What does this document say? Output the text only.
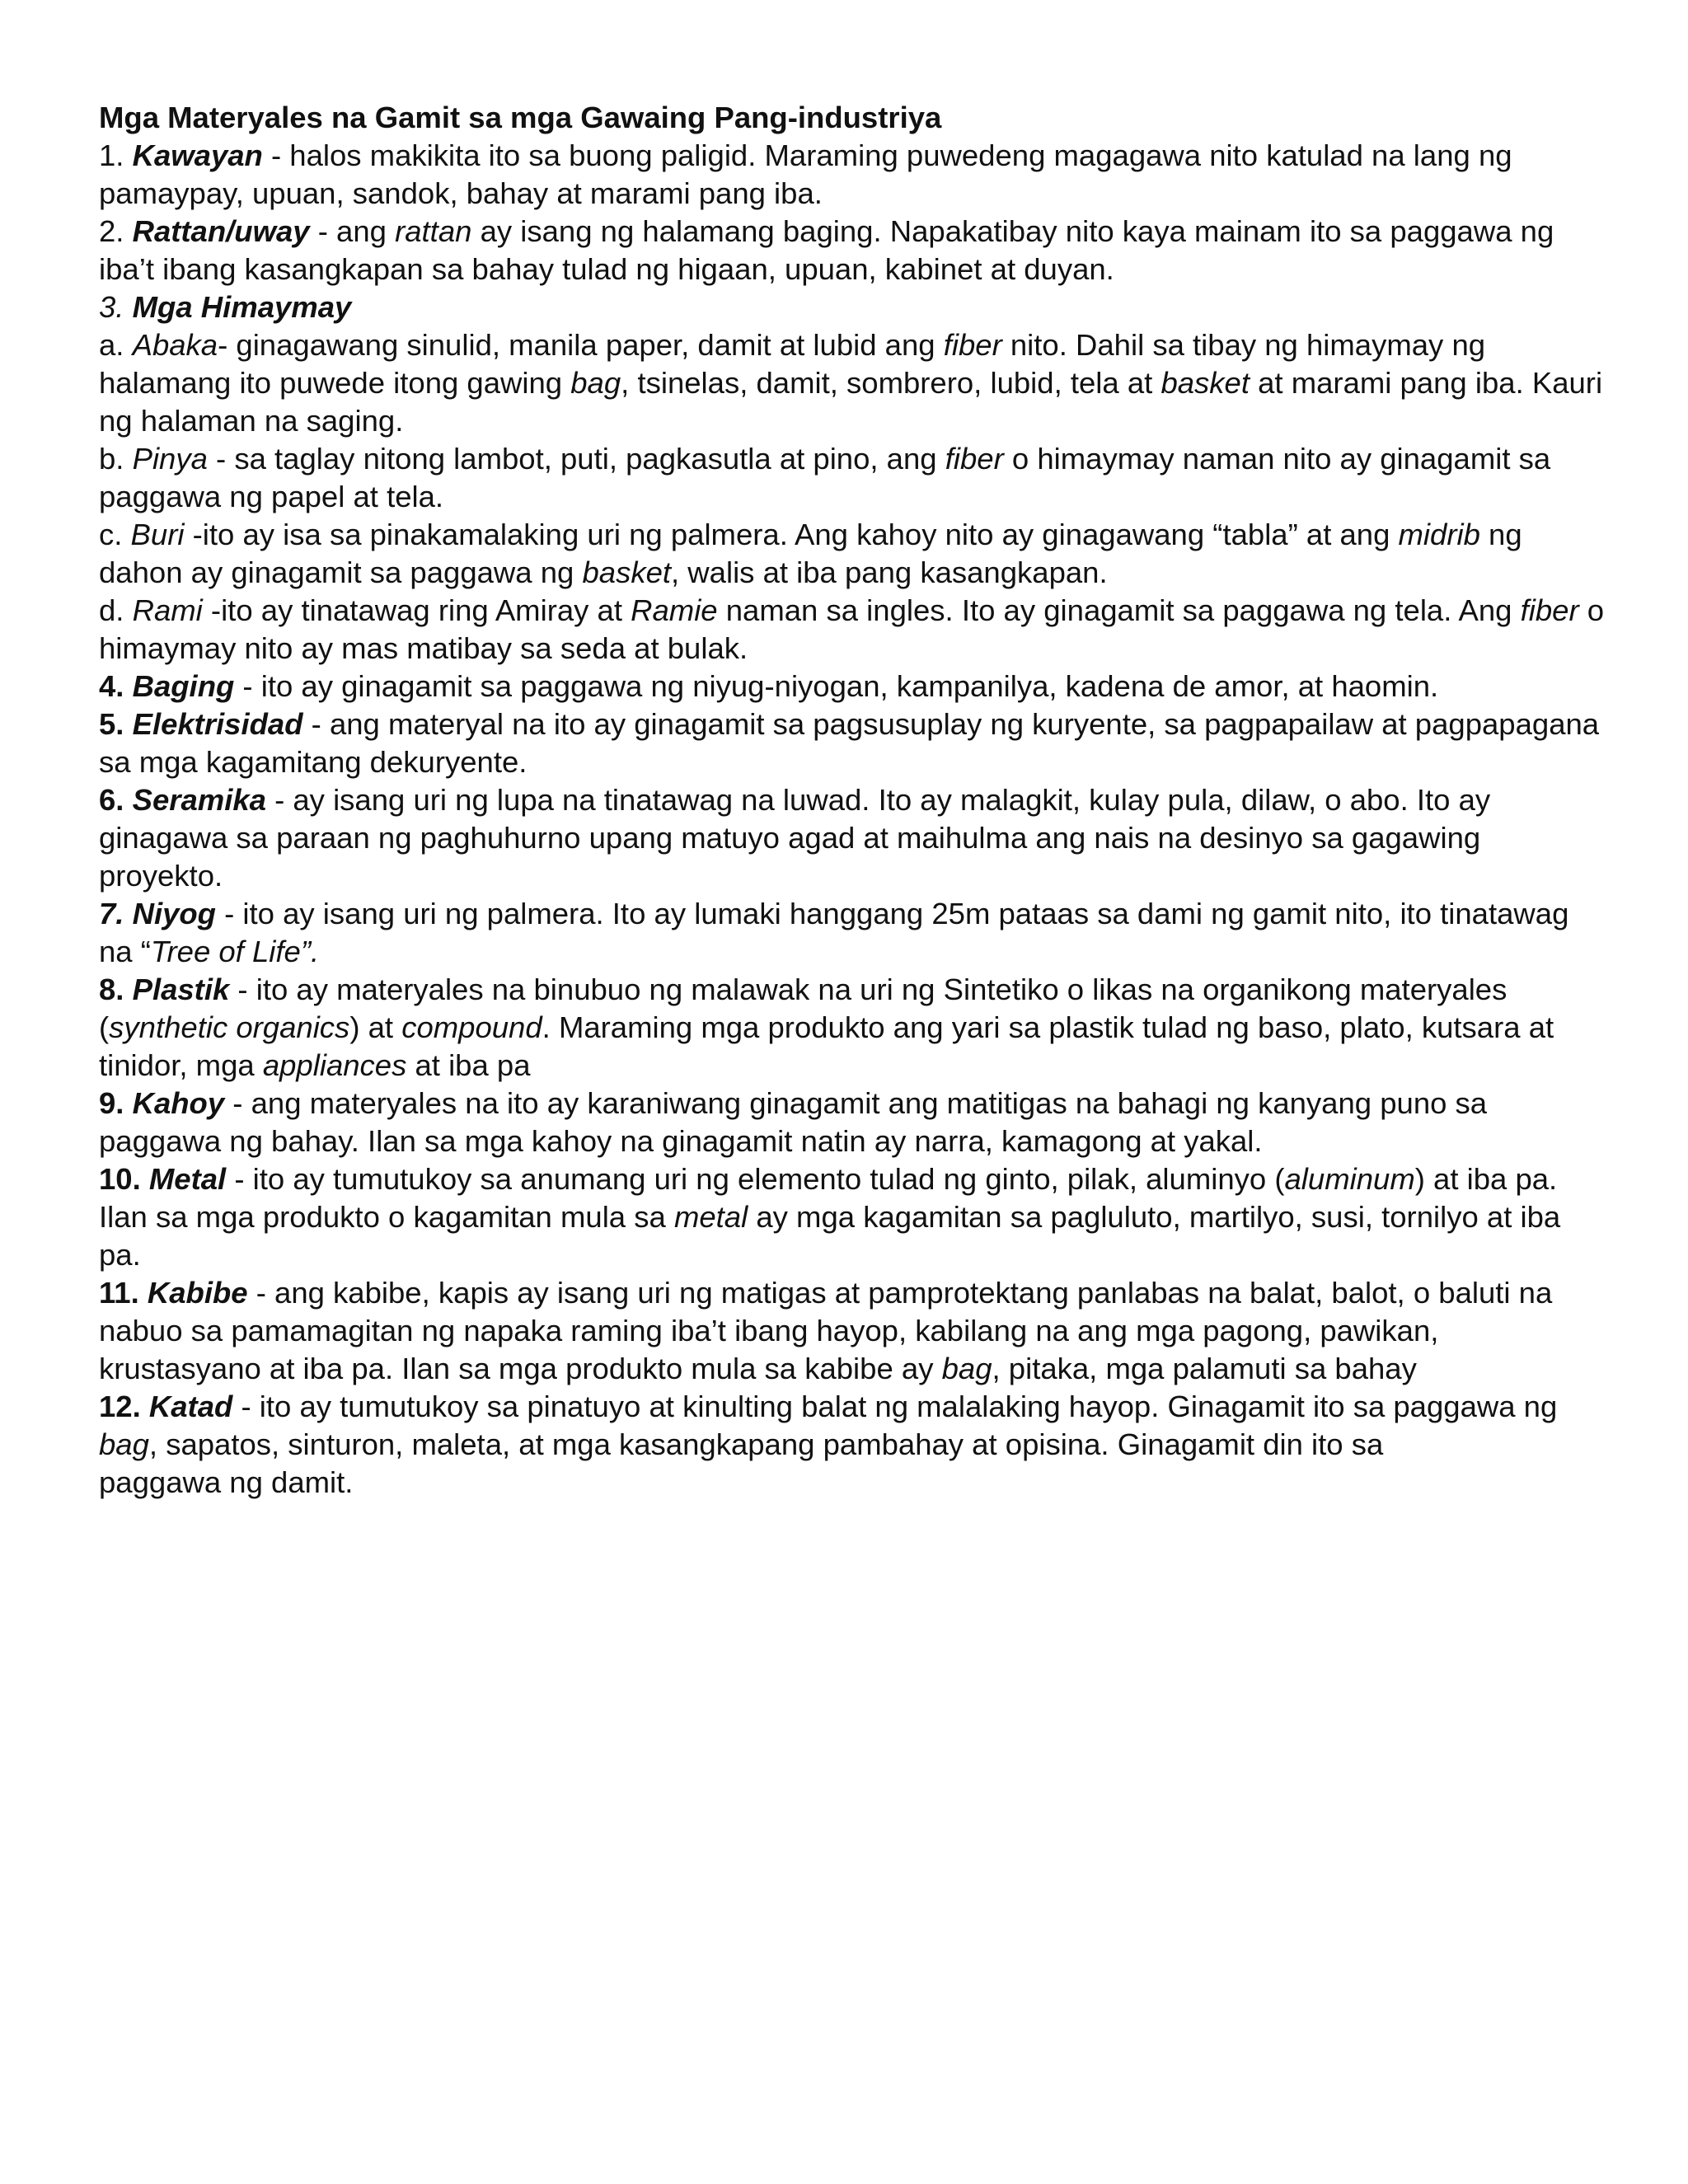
Mga Materyales na Gamit sa mga Gawaing Pang-industriya

1. Kawayan - halos makikita ito sa buong paligid. Maraming puwedeng magagawa nito katulad na lang ng pamaypay, upuan, sandok, bahay at marami pang iba.

2. Rattan/uway - ang rattan ay isang ng halamang baging. Napakatibay nito kaya mainam ito sa paggawa ng iba’t ibang kasangkapan sa bahay tulad ng higaan, upuan, kabinet at duyan.

3. Mga Himaymay

a. Abaka- ginagawang sinulid, manila paper, damit at lubid ang fiber nito. Dahil sa tibay ng himaymay ng halamang ito puwede itong gawing bag, tsinelas, damit, sombrero, lubid, tela at basket at marami pang iba. Kauri ng halaman na saging.

b. Pinya - sa taglay nitong lambot, puti, pagkasutla at pino, ang fiber o himaymay naman nito ay ginagamit sa paggawa ng papel at tela.

c. Buri -ito ay isa sa pinakamalaking uri ng palmera. Ang kahoy nito ay ginagawang “tabla” at ang midrib ng dahon ay ginagamit sa paggawa ng basket, walis at iba pang kasangkapan.

d. Rami -ito ay tinatawag ring Amiray at Ramie naman sa ingles. Ito ay ginagamit sa paggawa ng tela. Ang fiber o himaymay nito ay mas matibay sa seda at bulak.

4. Baging - ito ay ginagamit sa paggawa ng niyug-niyogan, kampanilya, kadena de amor, at haomin.

5. Elektrisidad - ang materyal na ito ay ginagamit sa pagsusuplay ng kuryente, sa pagpapailaw at pagpapagana sa mga kagamitang dekuryente.

6. Seramika - ay isang uri ng lupa na tinatawag na luwad. Ito ay malagkit, kulay pula, dilaw, o abo. Ito ay ginagawa sa paraan ng paghuhurno upang matuyo agad at maihulma ang nais na desinyo sa gagawing proyekto.

7. Niyog - ito ay isang uri ng palmera. Ito ay lumaki hanggang 25m pataas sa dami ng gamit nito, ito tinatawag na “Tree of Life”.

8. Plastik - ito ay materyales na binubuo ng malawak na uri ng Sintetiko o likas na organikong materyales (synthetic organics) at compound. Maraming mga produkto ang yari sa plastik tulad ng baso, plato, kutsara at tinidor, mga appliances at iba pa

9. Kahoy - ang materyales na ito ay karaniwang ginagamit ang matitigas na bahagi ng kanyang puno sa paggawa ng bahay. Ilan sa mga kahoy na ginagamit natin ay narra, kamagong at yakal.

10. Metal - ito ay tumutukoy sa anumang uri ng elemento tulad ng ginto, pilak, aluminyo (aluminum) at iba pa. Ilan sa mga produkto o kagamitan mula sa metal ay mga kagamitan sa pagluluto, martilyo, susi, tornilyo at iba pa.

11. Kabibe - ang kabibe, kapis ay isang uri ng matigas at pamprotektang panlabas na balat, balot, o baluti na nabuo sa pamamagitan ng napaka raming iba’t ibang hayop, kabilang na ang mga pagong, pawikan, krustasyano at iba pa. Ilan sa mga produkto mula sa kabibe ay bag, pitaka, mga palamuti sa bahay

12. Katad - ito ay tumutukoy sa pinatuyo at kinulting balat ng malalaking hayop. Ginagamit ito sa paggawa ng bag, sapatos, sinturon, maleta, at mga kasangkapang pambahay at opisina. Ginagamit din ito sa

paggawa ng damit.
